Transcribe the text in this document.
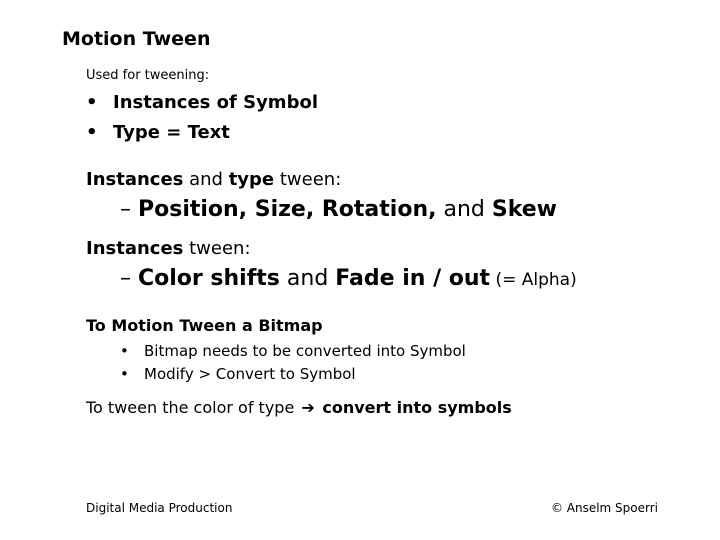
Motion Tween
Used for tweening:
• Instances of Symbol
• Type = Text
Instances and type tween:
– Position, Size, Rotation, and Skew
Instances tween:
– Color shifts and Fade in / out (= Alpha)
To Motion Tween a Bitmap
• Bitmap needs to be converted into Symbol
• Modify > Convert to Symbol
To tween the color of type ➔ convert into symbols
Digital Media Production	© Anselm Spoerri
